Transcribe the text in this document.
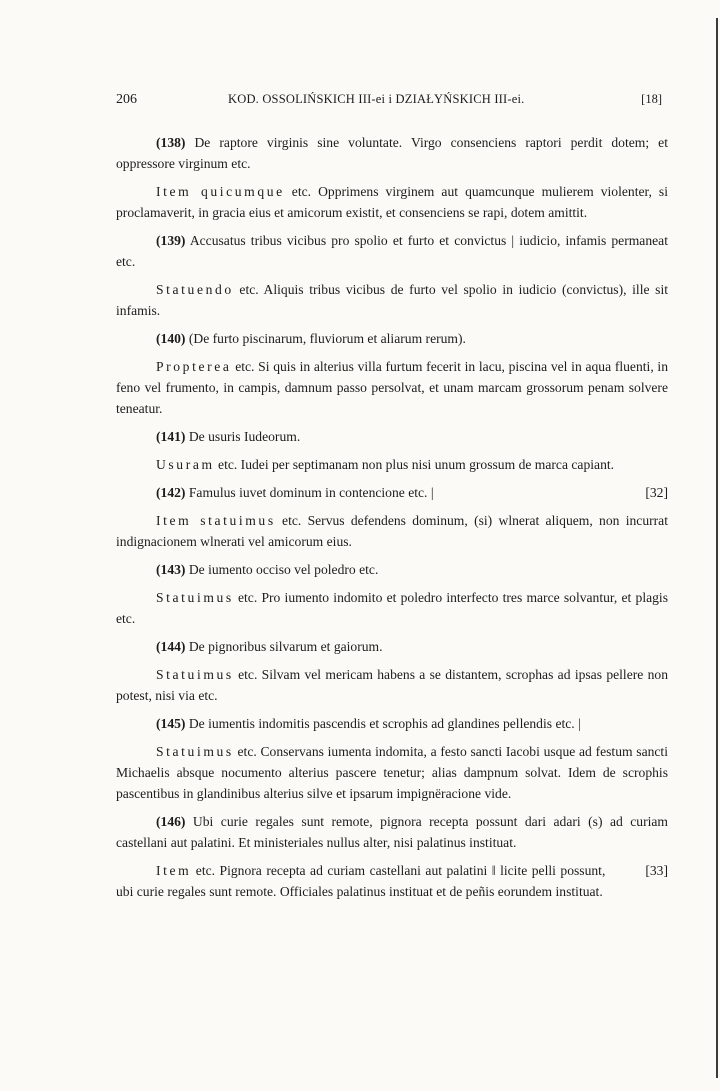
206	KOD. OSSOLIŃSKICH III-ei i DZIAŁYŃSKICH III-ei.	[18]

(138) De raptore virginis sine voluntate. Virgo consenciens raptori perdit dotem; et oppressore virginum etc.

Item quicumque etc. Opprimens virginem aut quamcunque mulierem violenter, si proclamaverit, in gracia eius et amicorum existit, et consenciens se rapi, dotem amittit.

(139) Accusatus tribus vicibus pro spolio et furto et convictus | iudicio, infamis permaneat etc.

Statuendo etc. Aliquis tribus vicibus de furto vel spolio in iudicio (convictus), ille sit infamis.

(140) (De furto piscinarum, fluviorum et aliarum rerum).

Propterea etc. Si quis in alterius villa furtum fecerit in lacu, piscina vel in aqua fluenti, in feno vel frumento, in campis, damnum passo persolvat, et unam marcam grossorum penam solvere teneatur.

(141) De usuris Iudeorum.

Usuram etc. Iudei per septimanam non plus nisi unum grossum de marca capiant.

[32]
(142) Famulus iuvet dominum in contencione etc. |

Item statuimus etc. Servus defendens dominum, (si) wlnerat aliquem, non incurrat indignacionem wlnerati vel amicorum eius.

(143) De iumento occiso vel poledro etc.

Statuimus etc. Pro iumento indomito et poledro interfecto tres marce solvantur, et plagis etc.

(144) De pignoribus silvarum et gaiorum.

Statuimus etc. Silvam vel mericam habens a se distantem, scrophas ad ipsas pellere non potest, nisi via etc.

(145) De iumentis indomitis pascendis et scrophis ad glandines pellendis etc. |

Statuimus etc. Conservans iumenta indomita, a festo sancti Iacobi usque ad festum sancti Michaelis absque nocumento alterius pascere tenetur; alias dampnum solvat. Idem de scrophis pascentibus in glandinibus alterius silve et ipsarum impignёracione vide.

(146) Ubi curie regales sunt remote, pignora recepta possunt dari adari (s) ad curiam castellani aut palatini. Et ministeriales nullus alter, nisi palatinus instituat.

[33]
Item etc. Pignora recepta ad curiam castellani aut palatini ‖ licite pelli possunt, ubi curie regales sunt remote. Officiales palatinus instituat et de peñis eorundem instituat.
